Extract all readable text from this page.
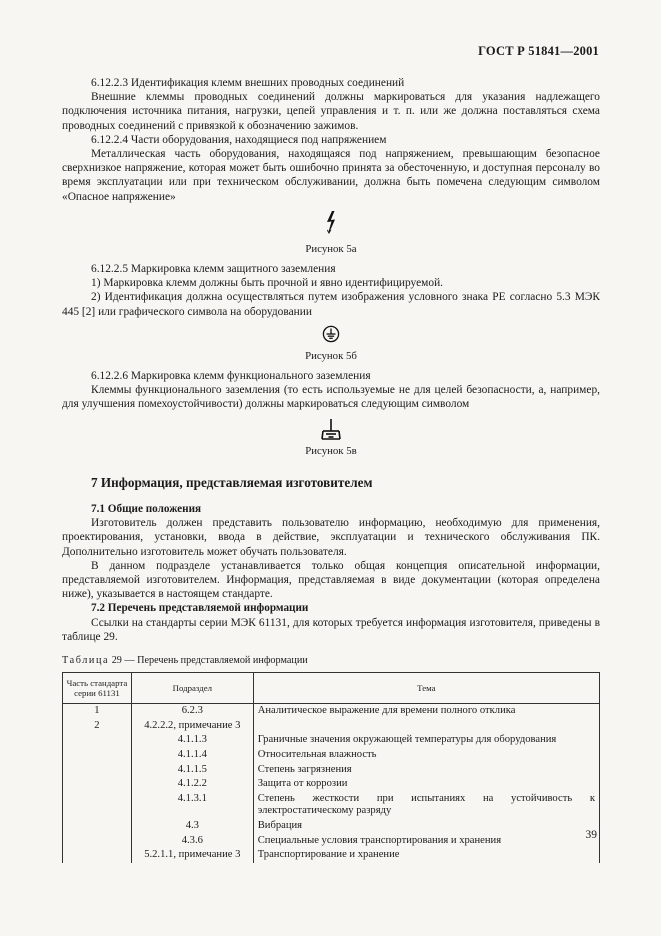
ГОСТ Р 51841—2001

6.12.2.3 Идентификация клемм внешних проводных соединений

Внешние клеммы проводных соединений должны маркироваться для указания надлежащего подключения источника питания, нагрузки, цепей управления и т. п. или же должна поставляться схема проводных соединений с привязкой к обозначению зажимов.

6.12.2.4 Части оборудования, находящиеся под напряжением

Металлическая часть оборудования, находящаяся под напряжением, превышающим безопасное сверхнизкое напряжение, которая может быть ошибочно принята за обесточенную, и доступная персоналу во время эксплуатации или при техническом обслуживании, должна быть помечена следующим символом «Опасное напряжение»

Рисунок 5а

6.12.2.5 Маркировка клемм защитного заземления

1) Маркировка клемм должны быть прочной и явно идентифицируемой.

2) Идентификация должна осуществляться путем изображения условного знака PE согласно 5.3 МЭК 445 [2] или графического символа на оборудовании

Рисунок 5б

6.12.2.6 Маркировка клемм функционального заземления

Клеммы функционального заземления (то есть используемые не для целей безопасности, а, например, для улучшения помехоустойчивости) должны маркироваться следующим символом

Рисунок 5в
7 Информация, представляемая изготовителем

7.1 Общие положения

Изготовитель должен представить пользователю информацию, необходимую для применения, проектирования, установки, ввода в действие, эксплуатации и технического обслуживания ПК. Дополнительно изготовитель может обучать пользователя.

В данном подразделе устанавливается только общая концепция описательной информации, представляемой изготовителем. Информация, представляемая в виде документации (которая определена ниже), указывается в настоящем стандарте.

7.2 Перечень представляемой информации

Ссылки на стандарты серии МЭК 61131, для которых требуется информация изготовителя, приведены в таблице 29.

Таблица 29 — Перечень представляемой информации
Часть стандарта серии 61131	Подраздел	Тема
1	6.2.3	Аналитическое выражение для времени полного отклика
2	4.2.2.2, примечание 3	
	4.1.1.3	Граничные значения окружающей температуры для оборудования
	4.1.1.4	Относительная влажность
	4.1.1.5	Степень загрязнения
	4.1.2.2	Защита от коррозии
	4.1.3.1	Степень жесткости при испытаниях на устойчивость к электростатическому разряду
	4.3	Вибрация
	4.3.6	Специальные условия транспортирования и хранения
	5.2.1.1, примечание 3	Транспортирование и хранение
39
